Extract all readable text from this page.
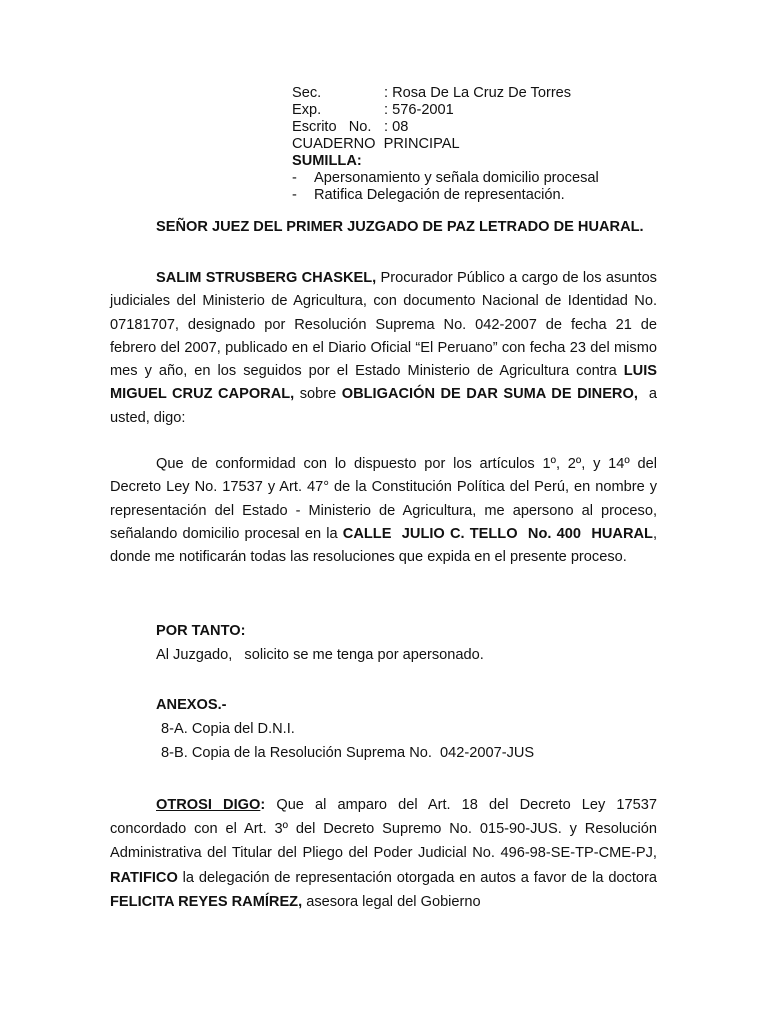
Sec.	: Rosa De La Cruz De Torres
Exp.	: 576-2001
Escrito   No. : 08
CUADERNO  PRINCIPAL
SUMILLA:
-	Apersonamiento y señala domicilio procesal
-	Ratifica Delegación de representación.
SEÑOR JUEZ DEL PRIMER JUZGADO DE PAZ LETRADO DE HUARAL.
SALIM STRUSBERG CHASKEL, Procurador Público a cargo de los asuntos judiciales del Ministerio de Agricultura, con documento Nacional de Identidad No. 07181707, designado por Resolución Suprema No. 042-2007 de fecha 21 de febrero del 2007, publicado en el Diario Oficial “El Peruano” con fecha 23 del mismo mes y año, en los seguidos por el Estado Ministerio de Agricultura contra LUIS MIGUEL CRUZ CAPORAL, sobre OBLIGACIÓN DE DAR SUMA DE DINERO,  a usted, digo:
Que de conformidad con lo dispuesto por los artículos 1º, 2º, y 14º del Decreto Ley No. 17537 y Art. 47° de la Constitución Política del Perú, en nombre y representación del Estado - Ministerio de Agricultura, me apersono al proceso, señalando domicilio procesal en la CALLE  JULIO C. TELLO  No. 400  HUARAL, donde me notificarán todas las resoluciones que expida en el presente proceso.
POR TANTO:
Al Juzgado,   solicito se me tenga por apersonado.
ANEXOS.-
8-A. Copia del D.N.I.
8-B. Copia de la Resolución Suprema No.  042-2007-JUS
OTROSI DIGO: Que al amparo del Art. 18 del Decreto Ley 17537 concordado con el Art. 3º del Decreto Supremo No. 015-90-JUS. y Resolución Administrativa del Titular del Pliego del Poder Judicial No. 496-98-SE-TP-CME-PJ, RATIFICO la delegación de representación otorgada en autos a favor de la doctora FELICITA REYES RAMÍREZ, asesora legal del Gobierno
